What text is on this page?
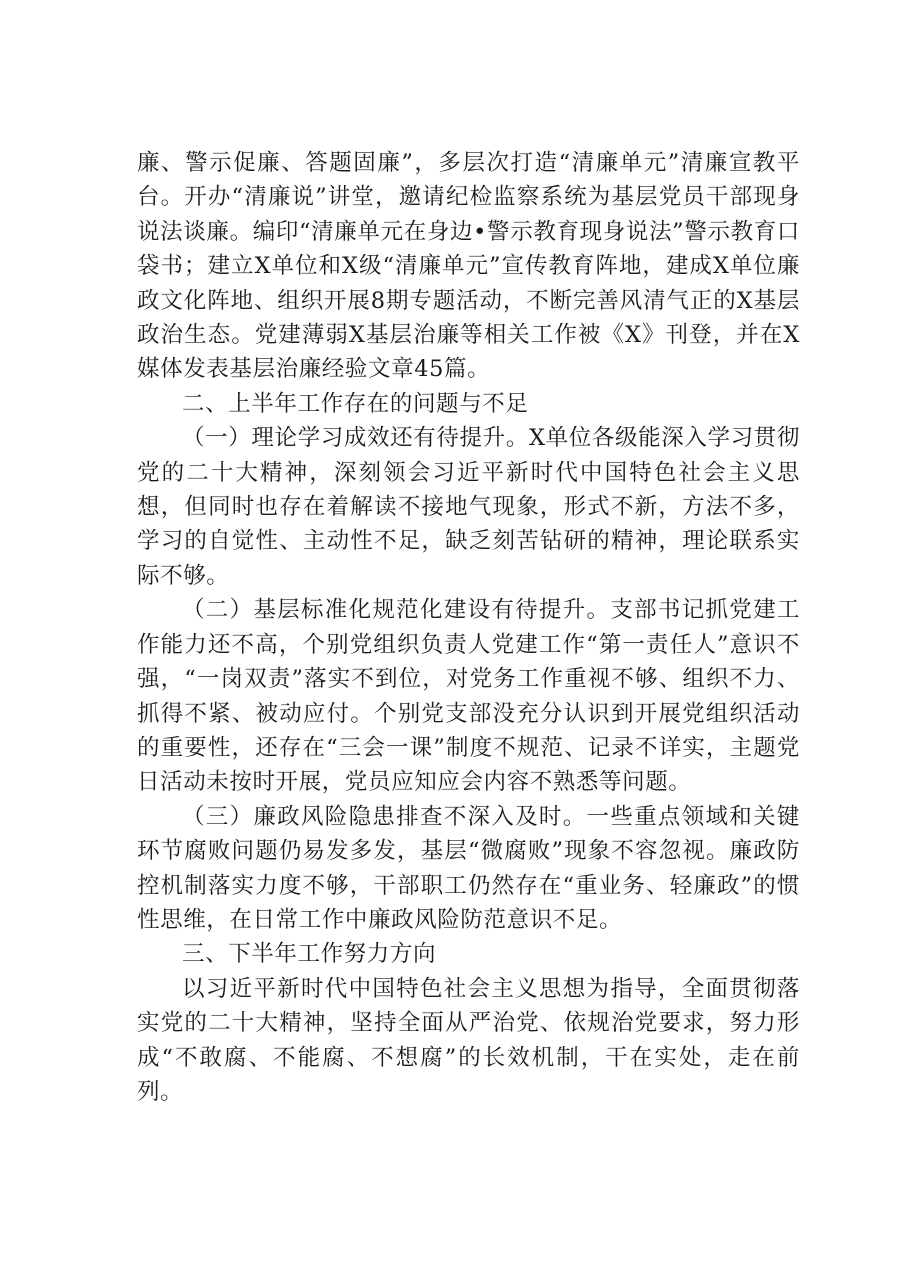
廉、警示促廉、答题固廉”，多层次打造“清廉单元”清廉宣教平台。开办“清廉说”讲堂，邀请纪检监察系统为基层党员干部现身说法谈廉。编印“清廉单元在身边•警示教育现身说法”警示教育口袋书；建立X单位和X级“清廉单元”宣传教育阵地，建成X单位廉政文化阵地、组织开展8期专题活动，不断完善风清气正的X基层政治生态。党建薄弱X基层治廉等相关工作被《X》刊登，并在X媒体发表基层治廉经验文章45篇。

二、上半年工作存在的问题与不足

（一）理论学习成效还有待提升。X单位各级能深入学习贯彻党的二十大精神，深刻领会习近平新时代中国特色社会主义思想，但同时也存在着解读不接地气现象，形式不新，方法不多，学习的自觉性、主动性不足，缺乏刻苦钻研的精神，理论联系实际不够。

（二）基层标准化规范化建设有待提升。支部书记抓党建工作能力还不高，个别党组织负责人党建工作“第一责任人”意识不强，“一岗双责”落实不到位，对党务工作重视不够、组织不力、抓得不紧、被动应付。个别党支部没充分认识到开展党组织活动的重要性，还存在“三会一课”制度不规范、记录不详实，主题党日活动未按时开展，党员应知应会内容不熟悉等问题。

（三）廉政风险隐患排查不深入及时。一些重点领域和关键环节腐败问题仍易发多发，基层“微腐败”现象不容忽视。廉政防控机制落实力度不够，干部职工仍然存在“重业务、轻廉政”的惯性思维，在日常工作中廉政风险防范意识不足。

三、下半年工作努力方向

以习近平新时代中国特色社会主义思想为指导，全面贯彻落实党的二十大精神，坚持全面从严治党、依规治党要求，努力形成“不敢腐、不能腐、不想腐”的长效机制，干在实处，走在前列。
